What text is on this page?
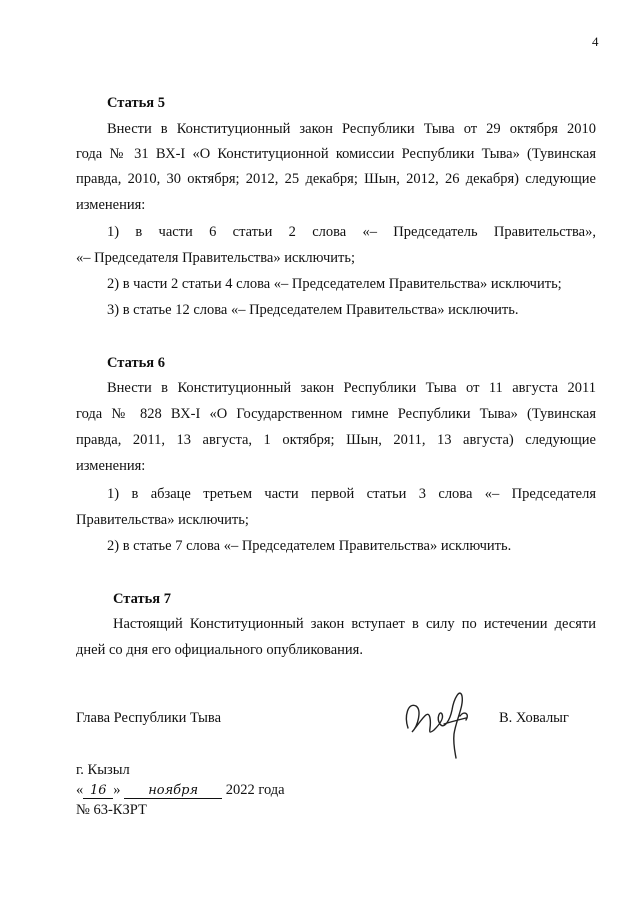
4
Статья 5
Внести в Конституционный закон Республики Тыва от 29 октября 2010
года № 31 ВХ-I «О Конституционной комиссии Республики Тыва» (Тувинская
правда, 2010, 30 октября; 2012, 25 декабря; Шын, 2012, 26 декабря) следующие
изменения:
1) в части 6 статьи 2 слова «– Председатель Правительства»,
«– Председателя Правительства» исключить;
2) в части 2 статьи 4 слова «– Председателем Правительства» исключить;
3) в статье 12 слова «– Председателем Правительства» исключить.
Статья 6
Внести в Конституционный закон Республики Тыва от 11 августа 2011
года № 828 ВХ-I «О Государственном гимне Республики Тыва» (Тувинская
правда, 2011, 13 августа, 1 октября; Шын, 2011, 13 августа) следующие
изменения:
1) в абзаце третьем части первой статьи 3 слова «– Председателя
Правительства» исключить;
2) в статье 7 слова «– Председателем Правительства» исключить.
Статья 7
Настоящий Конституционный закон вступает в силу по истечении десяти
дней со дня его официального опубликования.
Глава Республики Тыва	В. Ховалыг
г. Кызыл
« 16 » ноября 2022 года
№ 63-КЗРТ
